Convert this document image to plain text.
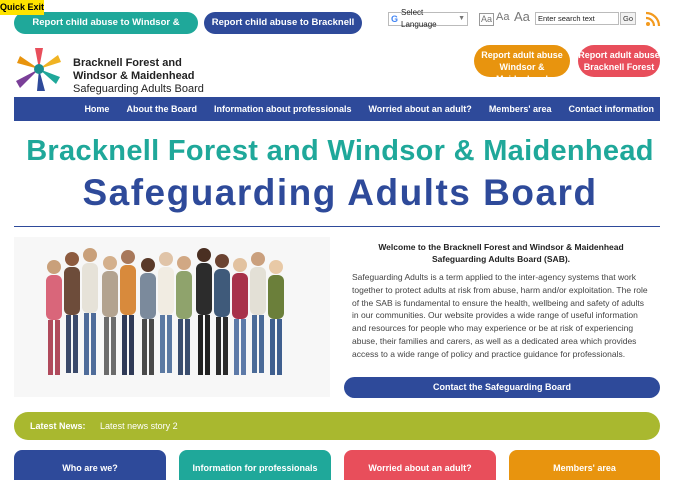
Quick Exit
Report child abuse to Windsor & Maidenhead
Report child abuse to Bracknell Forest
G
Select Language
▼ Aa Aa Aa
Enter search text	Go
Bracknell Forest and
Windsor & Maidenhead
Safeguarding Adults Board
Report adult abuse
Windsor & Maidenhead
Report adult abuse
Bracknell Forest
Home About the Board Information about professionals Worried about an adult? Members' area Contact information
Bracknell Forest and Windsor & Maidenhead
Safeguarding Adults Board
Welcome to the Bracknell Forest and Windsor & Maidenhead Safeguarding Adults Board (SAB).
Safeguarding Adults is a term applied to the inter-agency systems that work together to protect adults at risk from abuse, harm and/or exploitation. The role of the SAB is fundamental to ensure the health, wellbeing and safety of adults in our communities. Our website provides a wide range of useful information and resources for people who may experience or be at risk of experiencing abuse, their families and carers, as well as a dedicated area which provides access to a wide range of policy and practice guidance for professionals.
Contact the Safeguarding Board
Latest News: Latest news story 2
Who are we?	Information for professionals	Worried about an adult?	Members' area
